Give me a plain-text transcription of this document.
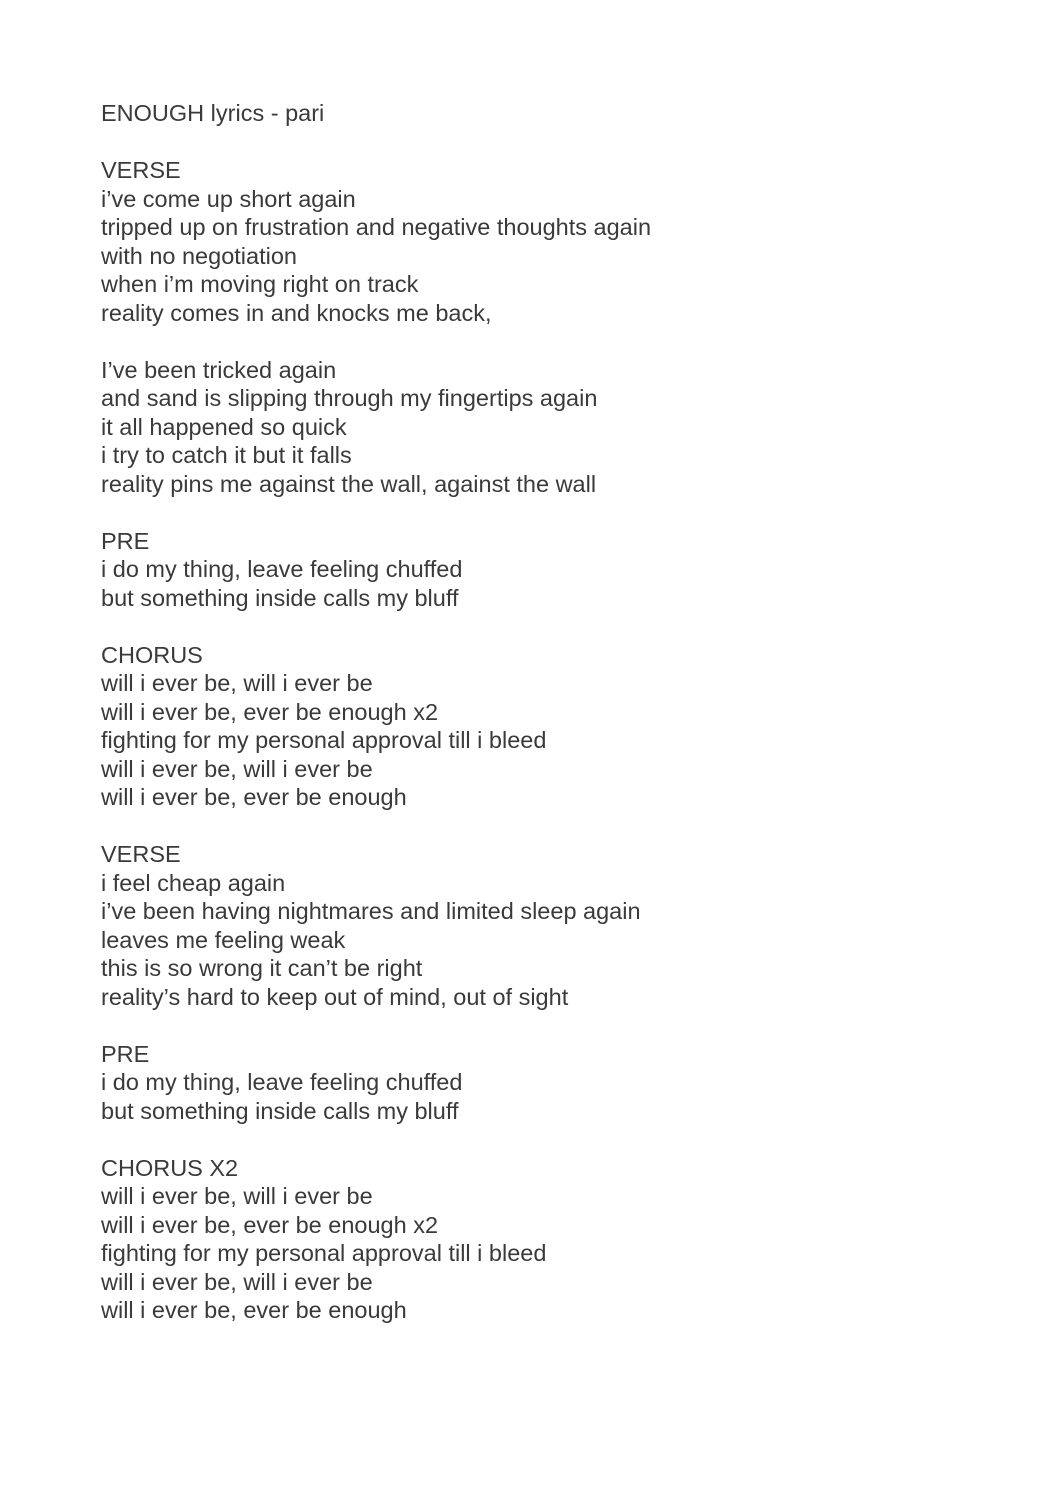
ENOUGH lyrics - pari
VERSE
i’ve come up short again
tripped up on frustration and negative thoughts again
with no negotiation
when i’m moving right on track
reality comes in and knocks me back,
I’ve been tricked again
and sand is slipping through my fingertips again
it all happened so quick
i try to catch it but it falls
reality pins me against the wall, against the wall
PRE
i do my thing, leave feeling chuffed
but something inside calls my bluff
CHORUS
will i ever be, will i ever be
will i ever be, ever be enough x2
fighting for my personal approval till i bleed
will i ever be, will i ever be
will i ever be, ever be enough
VERSE
i feel cheap again
i’ve been having nightmares and limited sleep again
leaves me feeling weak
this is so wrong it can’t be right
reality’s hard to keep out of mind, out of sight
PRE
i do my thing, leave feeling chuffed
but something inside calls my bluff
CHORUS X2
will i ever be, will i ever be
will i ever be, ever be enough x2
fighting for my personal approval till i bleed
will i ever be, will i ever be
will i ever be, ever be enough
